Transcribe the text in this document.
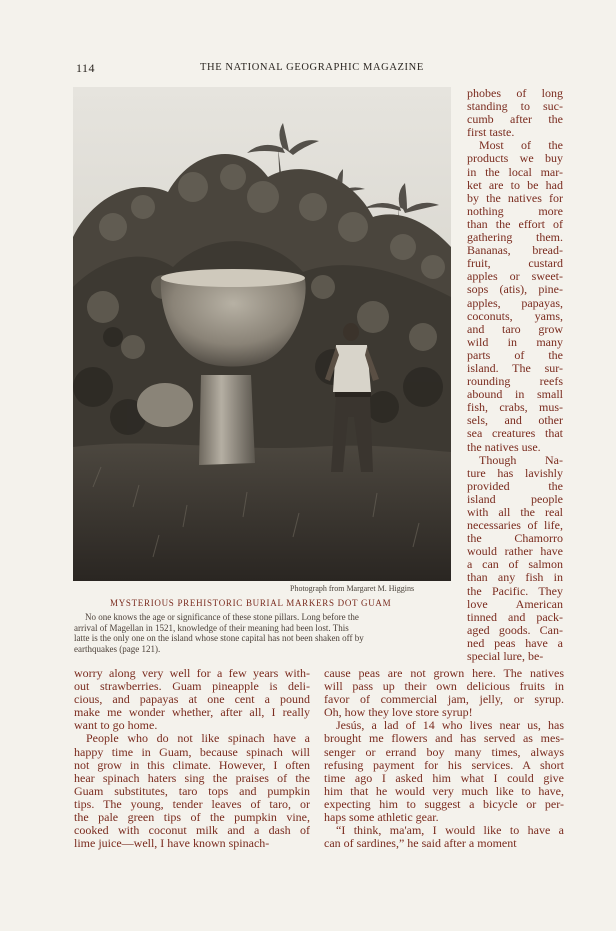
114	THE NATIONAL GEOGRAPHIC MAGAZINE
Photograph from Margaret M. Higgins
MYSTERIOUS PREHISTORIC BURIAL MARKERS DOT GUAM
No one knows the age or significance of these stone pillars. Long before the
arrival of Magellan in 1521, knowledge of their meaning had been lost. This
latte is the only one on the island whose stone capital has not been shaken off by
earthquakes (page 121).
phobes of long
standing to suc-
cumb after the
first taste.
Most of the
products we buy
in the local mar-
ket are to be had
by the natives for
nothing more
than the effort of
gathering them.
Bananas, bread-
fruit, custard
apples or sweet-
sops (atis), pine-
apples, papayas,
coconuts, yams,
and taro grow
wild in many
parts of the
island. The sur-
rounding reefs
abound in small
fish, crabs, mus-
sels, and other
sea creatures that
the natives use.
Though Na-
ture has lavishly
provided the
island people
with all the real
necessaries of life,
the Chamorro
would rather have
a can of salmon
than any fish in
the Pacific. They
love American
tinned and pack-
aged goods. Can-
ned peas have a
special lure, be-
worry along very well for a few years with-
out strawberries. Guam pineapple is deli-
cious, and papayas at one cent a pound
make me wonder whether, after all, I really
want to go home.
People who do not like spinach have a
happy time in Guam, because spinach will
not grow in this climate. However, I often
hear spinach haters sing the praises of the
Guam substitutes, taro tops and pumpkin
tips. The young, tender leaves of taro, or
the pale green tips of the pumpkin vine,
cooked with coconut milk and a dash of
lime juice—well, I have known spinach-
cause peas are not grown here. The natives
will pass up their own delicious fruits in
favor of commercial jam, jelly, or syrup.
Oh, how they love store syrup!
Jesús, a lad of 14 who lives near us, has
brought me flowers and has served as mes-
senger or errand boy many times, always
refusing payment for his services. A short
time ago I asked him what I could give
him that he would very much like to have,
expecting him to suggest a bicycle or per-
haps some athletic gear.
“I think, ma'am, I would like to have a
can of sardines,” he said after a moment
